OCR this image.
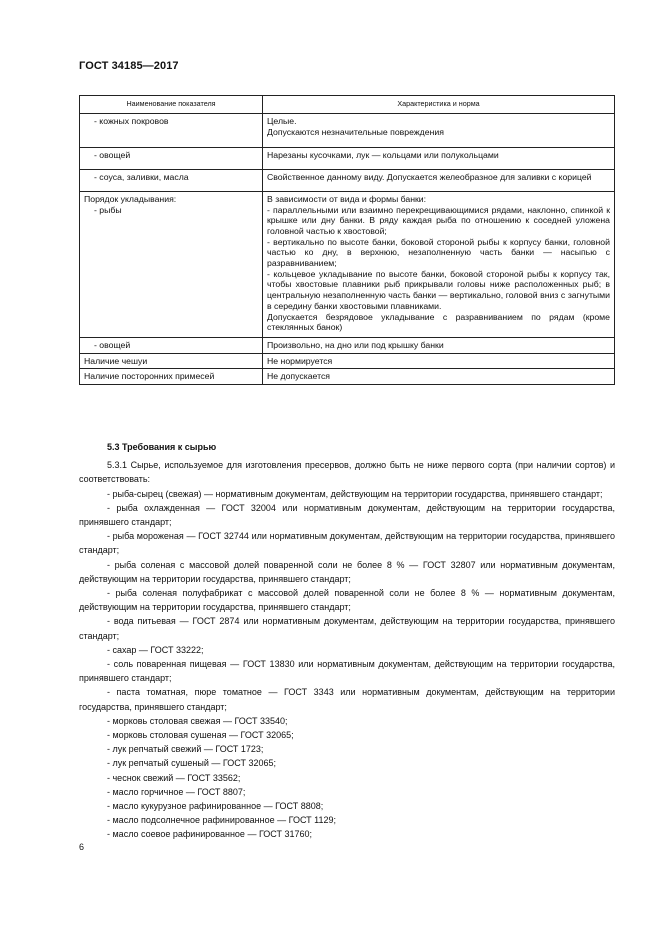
ГОСТ 34185—2017
Наименование показателя	Характеристика и норма

- кожных покровов	Целые.
Допускаются незначительные повреждения

- овощей	Нарезаны кусочками, лук — кольцами или полукольцами

- соуса, заливки, масла	Свойственное данному виду. Допускается желеобразное для заливки с корицей

Порядок укладывания:
- рыбы	В зависимости от вида и формы банки:
- параллельными или взаимно перекрещивающимися рядами, наклонно, спинкой к крышке или дну банки. В ряду каждая рыба по отношению к соседней уложена головной частью к хвостовой;
- вертикально по высоте банки, боковой стороной рыбы к корпусу банки, головной частью ко дну, в верхнюю, незаполненную часть банки — насыпью с разравниванием;
- кольцевое укладывание по высоте банки, боковой стороной рыбы к корпусу так, чтобы хвостовые плавники рыб прикрывали головы ниже расположенных рыб; в центральную незаполненную часть банки — вертикально, головой вниз с загнутыми в середину банки хвостовыми плавниками.
Допускается безрядовое укладывание с разравниванием по рядам (кроме стеклянных банок)

- овощей	Произвольно, на дно или под крышку банки

Наличие чешуи	Не нормируется

Наличие посторонних примесей	Не допускается
5.3 Требования к сырью
5.3.1 Сырье, используемое для изготовления пресервов, должно быть не ниже первого сорта (при наличии сортов) и соответствовать:
- рыба-сырец (свежая) — нормативным документам, действующим на территории государства, принявшего стандарт;
- рыба охлажденная — ГОСТ 32004 или нормативным документам, действующим на территории государства, принявшего стандарт;
- рыба мороженая — ГОСТ 32744 или нормативным документам, действующим на территории государства, принявшего стандарт;
- рыба соленая с массовой долей поваренной соли не более 8 % — ГОСТ 32807 или нормативным документам, действующим на территории государства, принявшего стандарт;
- рыба соленая полуфабрикат с массовой долей поваренной соли не более 8 % — нормативным документам, действующим на территории государства, принявшего стандарт;
- вода питьевая — ГОСТ 2874 или нормативным документам, действующим на территории государства, принявшего стандарт;
- сахар — ГОСТ 33222;
- соль поваренная пищевая — ГОСТ 13830 или нормативным документам, действующим на территории государства, принявшего стандарт;
- паста томатная, пюре томатное — ГОСТ 3343 или нормативным документам, действующим на территории государства, принявшего стандарт;
- морковь столовая свежая — ГОСТ 33540;
- морковь столовая сушеная — ГОСТ 32065;
- лук репчатый свежий — ГОСТ 1723;
- лук репчатый сушеный — ГОСТ 32065;
- чеснок свежий — ГОСТ 33562;
- масло горчичное — ГОСТ 8807;
- масло кукурузное рафинированное — ГОСТ 8808;
- масло подсолнечное рафинированное — ГОСТ 1129;
- масло соевое рафинированное — ГОСТ 31760;
6
